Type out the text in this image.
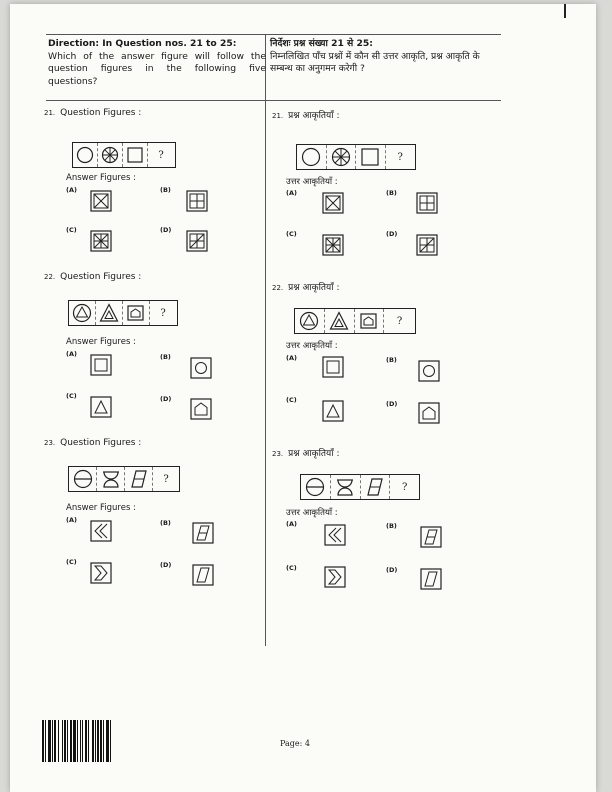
Direction: In Question nos. 21 to 25:
Which of the answer figure will follow the question figures in the following five questions?
निर्देशः प्रश्न संख्या 21 से 25:
निम्नलिखित पाँच प्रश्नों में कौन सी उत्तर आकृति, प्रश्न आकृति के सम्बन्ध का अनुगमन करेगी ?
21. Question Figures :
?
Answer Figures :
(A)	(B)
(C)	(D)
21. प्रश्न आकृतियाँ :
?
उत्तर आकृतियाँ :
(A)	(B)
(C)	(D)
22. Question Figures :
?
Answer Figures :
(A)	(B)
(C)	(D)
22. प्रश्न आकृतियाँ :
?
उत्तर आकृतियाँ :
(A)	(B)
(C)	(D)
23. Question Figures :
?
Answer Figures :
(A)	(B)
(C)	(D)
23. प्रश्न आकृतियाँ :
?
उत्तर आकृतियाँ :
(A)	(B)
(C)	(D)
Page: 4
